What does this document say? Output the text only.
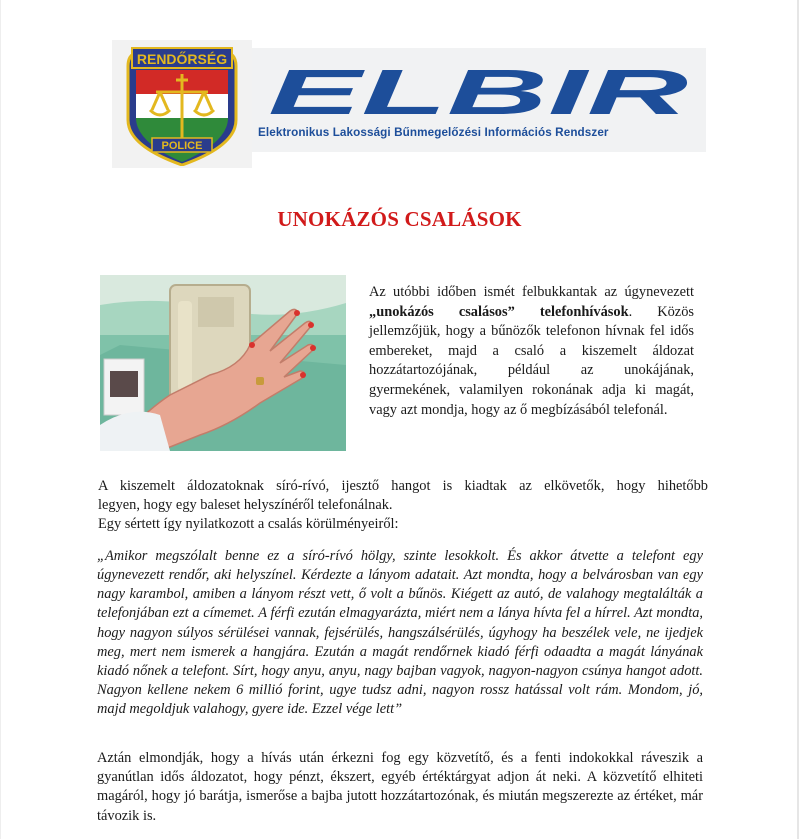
RENDŐRSÉG
POLICE
ELBIR
Elektronikus Lakossági Bűnmegelőzési Információs Rendszer
UNOKÁZÓS CSALÁSOK
Az utóbbi időben ismét felbukkantak az úgynevezett „unokázós csalásos” telefonhívások. Közös jellemzőjük, hogy a bűnözők telefonon hívnak fel idős embereket, majd a csaló a kiszemelt áldozat hozzátartozójának, például az unokájának, gyermekének, valamilyen rokonának adja ki magát, vagy azt mondja, hogy az ő megbízásából telefonál.
A kiszemelt áldozatoknak síró-rívó, ijesztő hangot is kiadtak az elkövetők, hogy hihetőbb
legyen, hogy egy baleset helyszínéről telefonálnak.
Egy sértett így nyilatkozott a csalás körülményeiről:
„Amikor megszólalt benne ez a síró-rívó hölgy, szinte lesokkolt. És akkor átvette a telefont egy úgynevezett rendőr, aki helyszínel. Kérdezte a lányom adatait. Azt mondta, hogy a belvárosban van egy nagy karambol, amiben a lányom részt vett, ő volt a bűnös. Kiégett az autó, de valahogy megtalálták a telefonjában ezt a címemet. A férfi ezután elmagyarázta, miért nem a lánya hívta fel a hírrel. Azt mondta, hogy nagyon súlyos sérülései vannak, fejsérülés, hangszálsérülés, úgyhogy ha beszélek vele, ne ijedjek meg, mert nem ismerek a hangjára. Ezután a magát rendőrnek kiadó férfi odaadta a magát lányának kiadó nőnek a telefont. Sírt, hogy anyu, anyu, nagy bajban vagyok, nagyon-nagyon csúnya hangot adott. Nagyon kellene nekem 6 millió forint, ugye tudsz adni, nagyon rossz hatással volt rám. Mondom, jó, majd megoldjuk valahogy, gyere ide. Ezzel vége lett”
Aztán elmondják, hogy a hívás után érkezni fog egy közvetítő, és a fenti indokokkal ráveszik a gyanútlan idős áldozatot, hogy pénzt, ékszert, egyéb értéktárgyat adjon át neki. A közvetítő elhiteti magáról, hogy jó barátja, ismerőse a bajba jutott hozzátartozónak, és miután megszerezte az értéket, már távozik is.
